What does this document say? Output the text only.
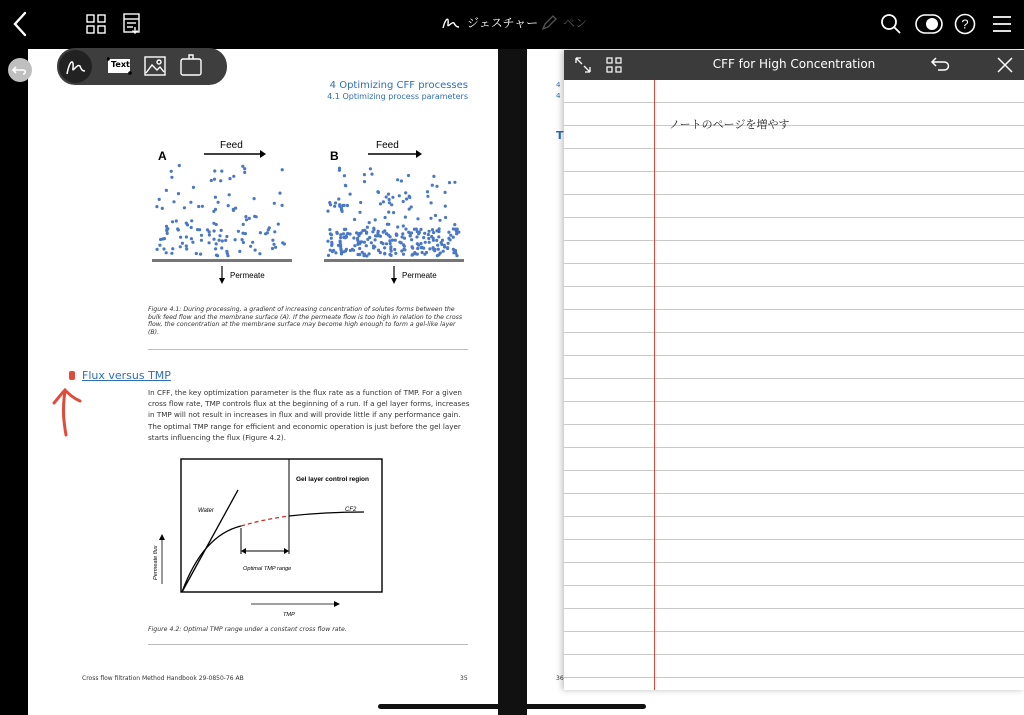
ジェスチャー ペン	?
4 Optimizing CFF processes
4.1 Optimizing process parameters
A
Feed
Permeate
B
Feed
Permeate
Figure 4.1: During processing, a gradient of increasing concentration of solutes forms between the bulk feed flow and the membrane surface (A). If the permeate flow is too high in relation to the cross flow, the concentration at the membrane surface may become high enough to form a gel-like layer (B).
Flux versus TMP
In CFF, the key optimization parameter is the flux rate as a function of TMP. For a given cross flow rate, TMP controls flux at the beginning of a run. If a gel layer forms, increases in TMP will not result in increases in flux and will provide little if any performance gain. The optimal TMP range for efficient and economic operation is just before the gel layer starts influencing the flux (Figure 4.2).
Gel layer control region
Water	CF2
Optimal TMP range
Permeate flux
TMP
Figure 4.2: Optimal TMP range under a constant cross flow rate.
Cross flow filtration Method Handbook 29-0850-76 AB	35
4
4
T
36
Text	CFF for High Concentration
ノートのページを増やす
